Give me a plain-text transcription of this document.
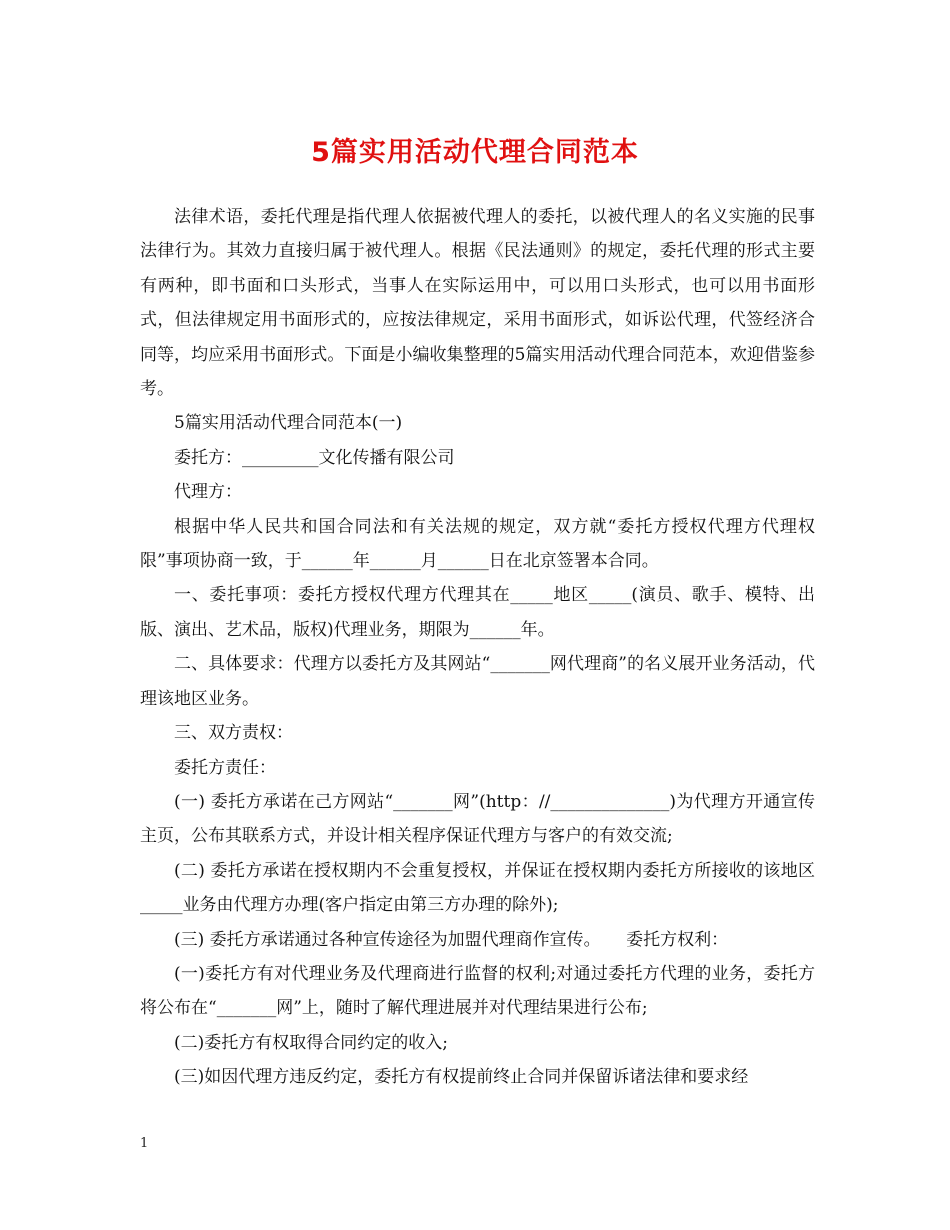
5篇实用活动代理合同范本

法律术语，委托代理是指代理人依据被代理人的委托，以被代理人的名义实施的民事法律行为。其效力直接归属于被代理人。根据《民法通则》的规定，委托代理的形式主要有两种，即书面和口头形式，当事人在实际运用中，可以用口头形式，也可以用书面形式，但法律规定用书面形式的，应按法律规定，采用书面形式，如诉讼代理，代签经济合同等，均应采用书面形式。下面是小编收集整理的5篇实用活动代理合同范本，欢迎借鉴参考。

5篇实用活动代理合同范本(一)

委托方：_________文化传播有限公司

代理方：

根据中华人民共和国合同法和有关法规的规定，双方就“委托方授权代理方代理权限”事项协商一致，于______年______月______日在北京签署本合同。

一、委托事项：委托方授权代理方代理其在_____地区_____(演员、歌手、模特、出版、演出、艺术品，版权)代理业务，期限为______年。

二、具体要求：代理方以委托方及其网站“_______网代理商”的名义展开业务活动，代理该地区业务。

三、双方责权：

委托方责任：

(一) 委托方承诺在己方网站“_______网”(http：//______________)为代理方开通宣传主页，公布其联系方式，并设计相关程序保证代理方与客户的有效交流;

(二) 委托方承诺在授权期内不会重复授权，并保证在授权期内委托方所接收的该地区_____业务由代理方办理(客户指定由第三方办理的除外);

(三) 委托方承诺通过各种宣传途径为加盟代理商作宣传。　　委托方权利：

(一)委托方有对代理业务及代理商进行监督的权利;对通过委托方代理的业务，委托方将公布在“_______网”上，随时了解代理进展并对代理结果进行公布;

(二)委托方有权取得合同约定的收入;

(三)如因代理方违反约定，委托方有权提前终止合同并保留诉诸法律和要求经

1
